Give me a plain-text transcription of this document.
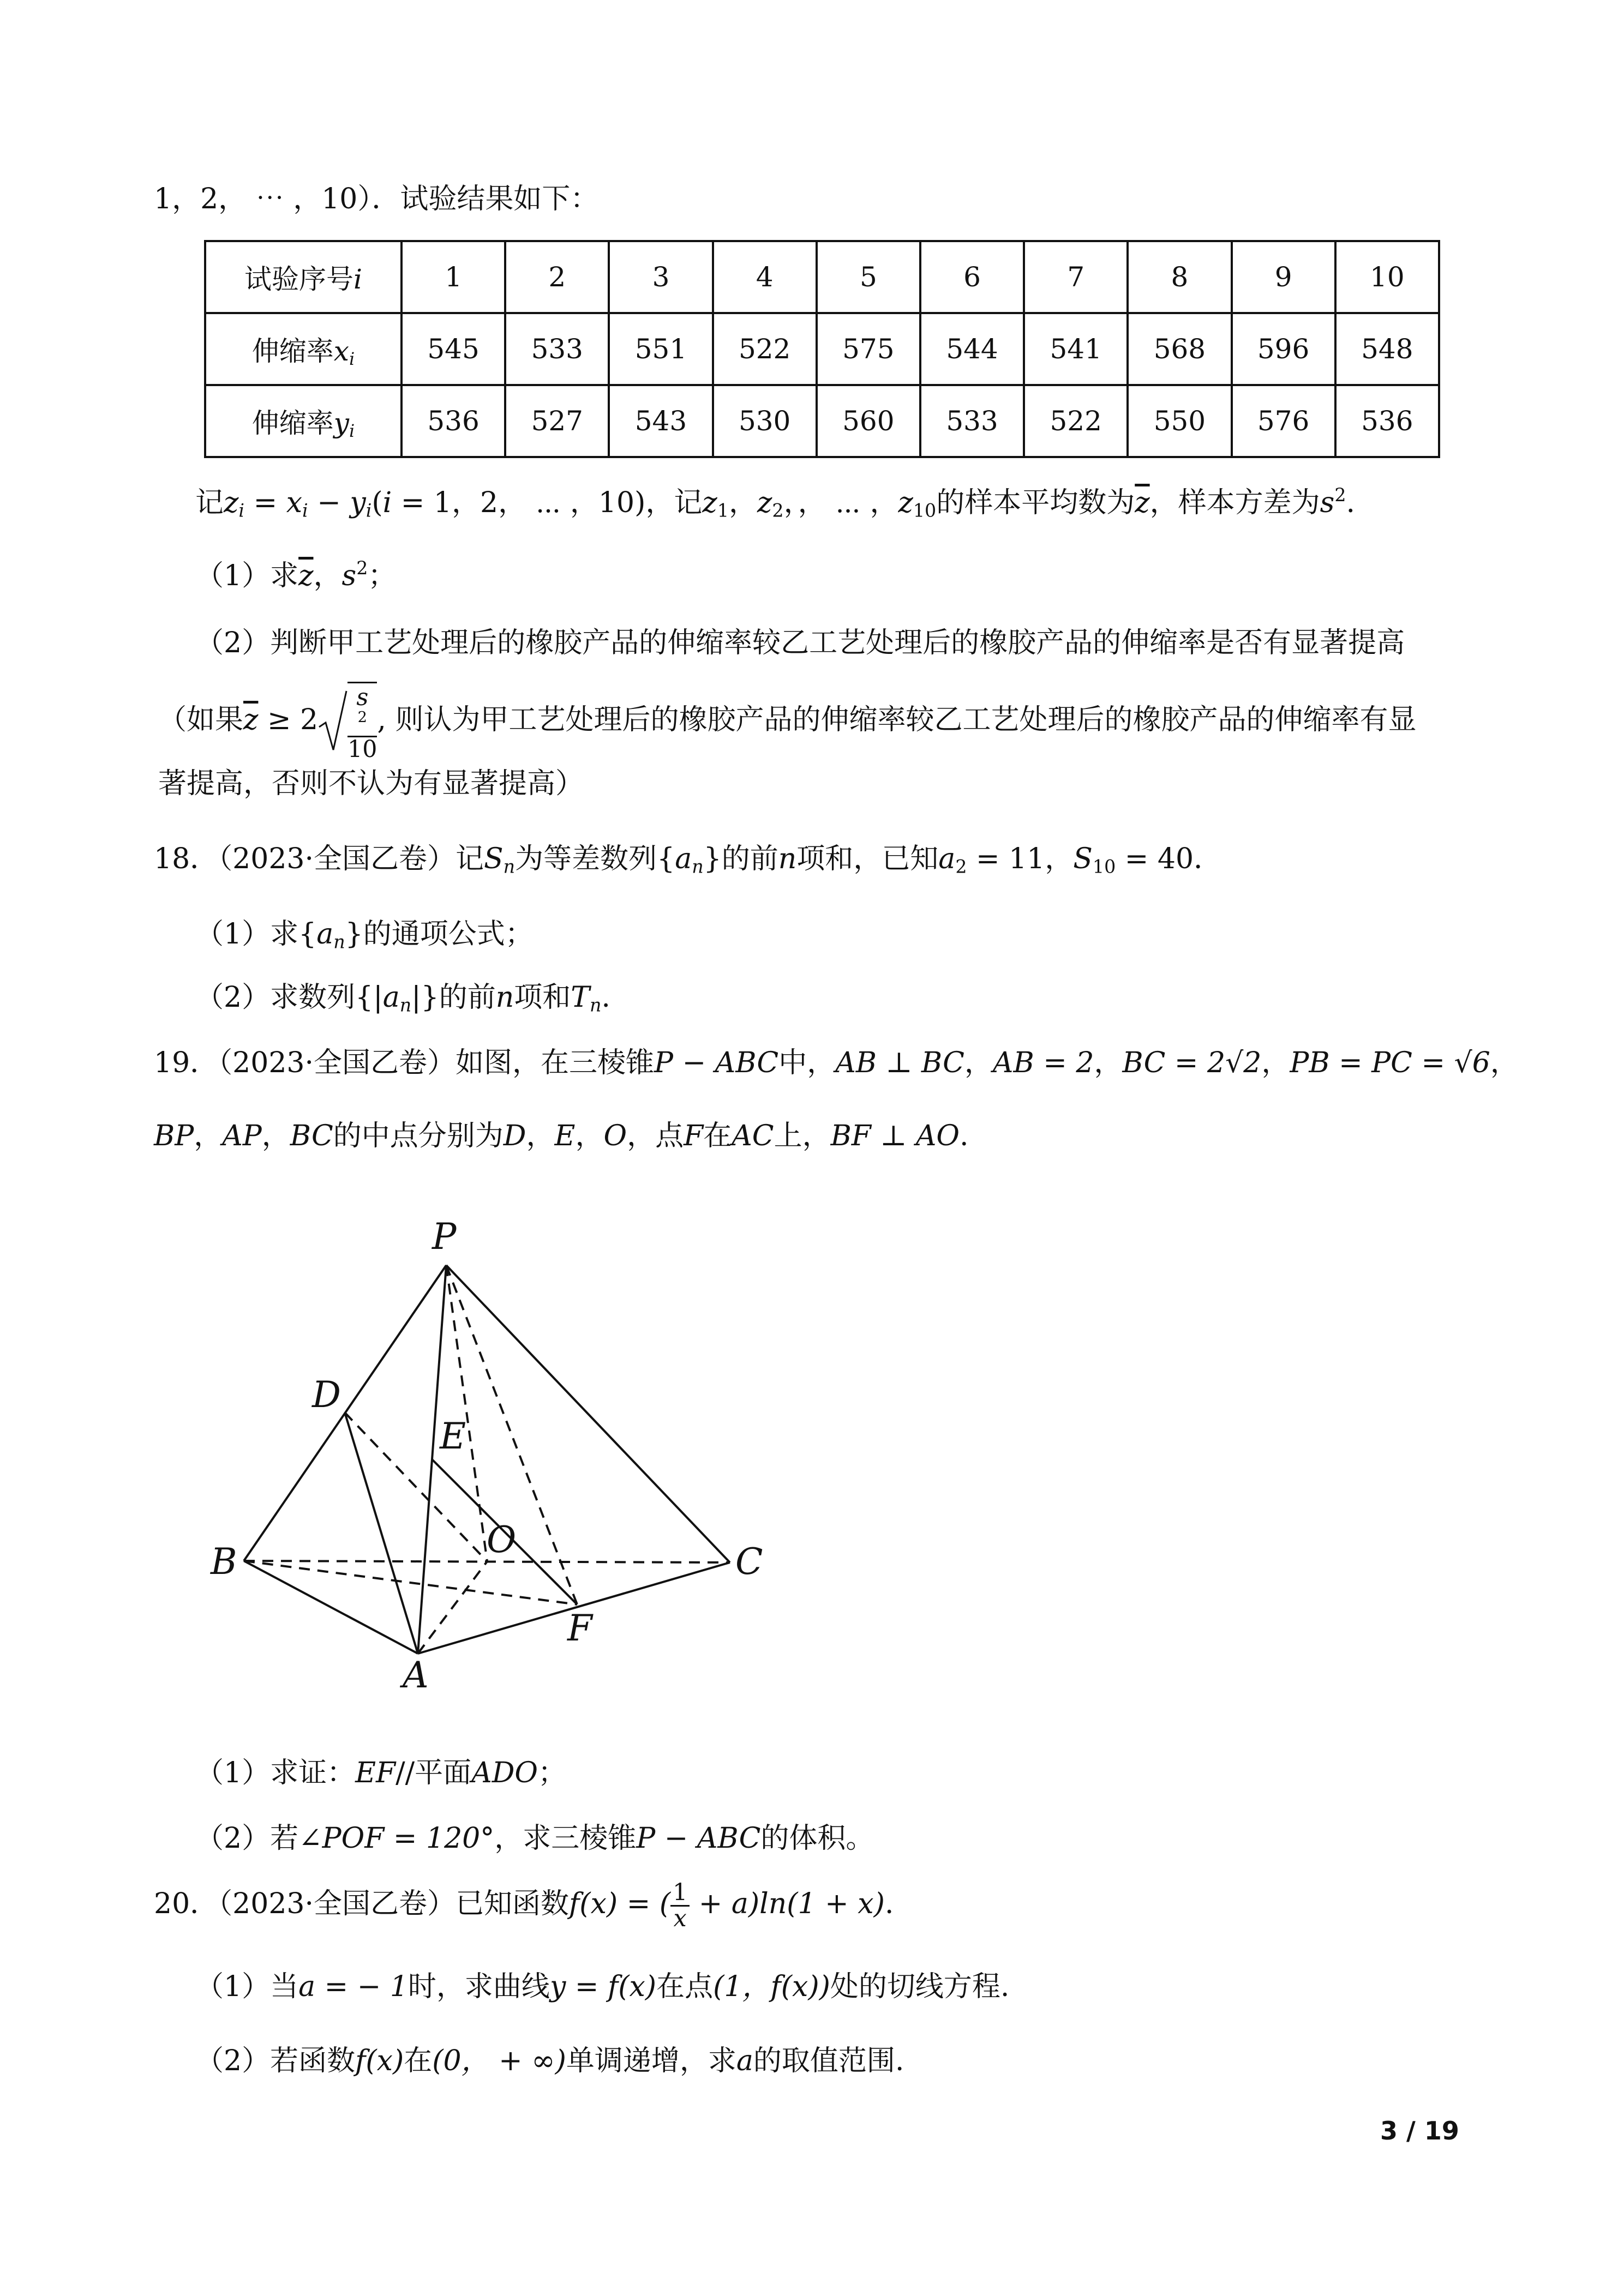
1，2， ⋯ ，10）．试验结果如下：
试验序号i	1	2	3	4	5	6	7	8	9	10
伸缩率$x_i$	545	533	551	522	575	544	541	568	596	548
伸缩率$y_i$	536	527	543	530	560	533	522	550	576	536
记$z_i = x_i - y_i(i = 1$，2， ⋯ ，10)，记$z_1$，$z_2$，， ⋯ ，$z_{10}$的样本平均数为$\overline{z}$，样本方差为$s^2$.
（1）求$\overline{z}$，$s^2$；
（2）判断甲工艺处理后的橡胶产品的伸缩率较乙工艺处理后的橡胶产品的伸缩率是否有显著提高
（如果$\overline{z} \ge 2$ s
$^2$
10 , 则认为甲工艺处理后的橡胶产品的伸缩率较乙工艺处理后的橡胶产品的伸缩率有显
著提高，否则不认为有显著提高）
18．（2023·全国乙卷）记$S_n$为等差数列$\{a_n\}$的前n项和，已知$a_2 = 11$，$S_{10} = 40$．
（1）求$\{a_n\}$的通项公式；
（2）求数列$\{|a_n|\}$的前n项和$T_n$.
19．（2023·全国乙卷）如图，在三棱锥P − ABC中，AB ⊥ BC，AB = 2，BC = 2√2，PB = PC = √6，
BP，AP，BC的中点分别为D，E，O，点F在AC上，BF ⊥ AO.
P
D
E
O
B	C
F
A
（1）求证：EF//平面ADO；
（2）若∠POF = 120°，求三棱锥P − ABC的体积。
20．（2023·全国乙卷）已知函数f(x) = ( $\frac{1}{x} + a)\ln(1 + x)$.
（1）当a = − 1时，求曲线y = f(x)在点(1，f(x))处的切线方程.
（2）若函数f(x)在(0， + ∞)单调递增，求a的取值范围.
3 / 19
